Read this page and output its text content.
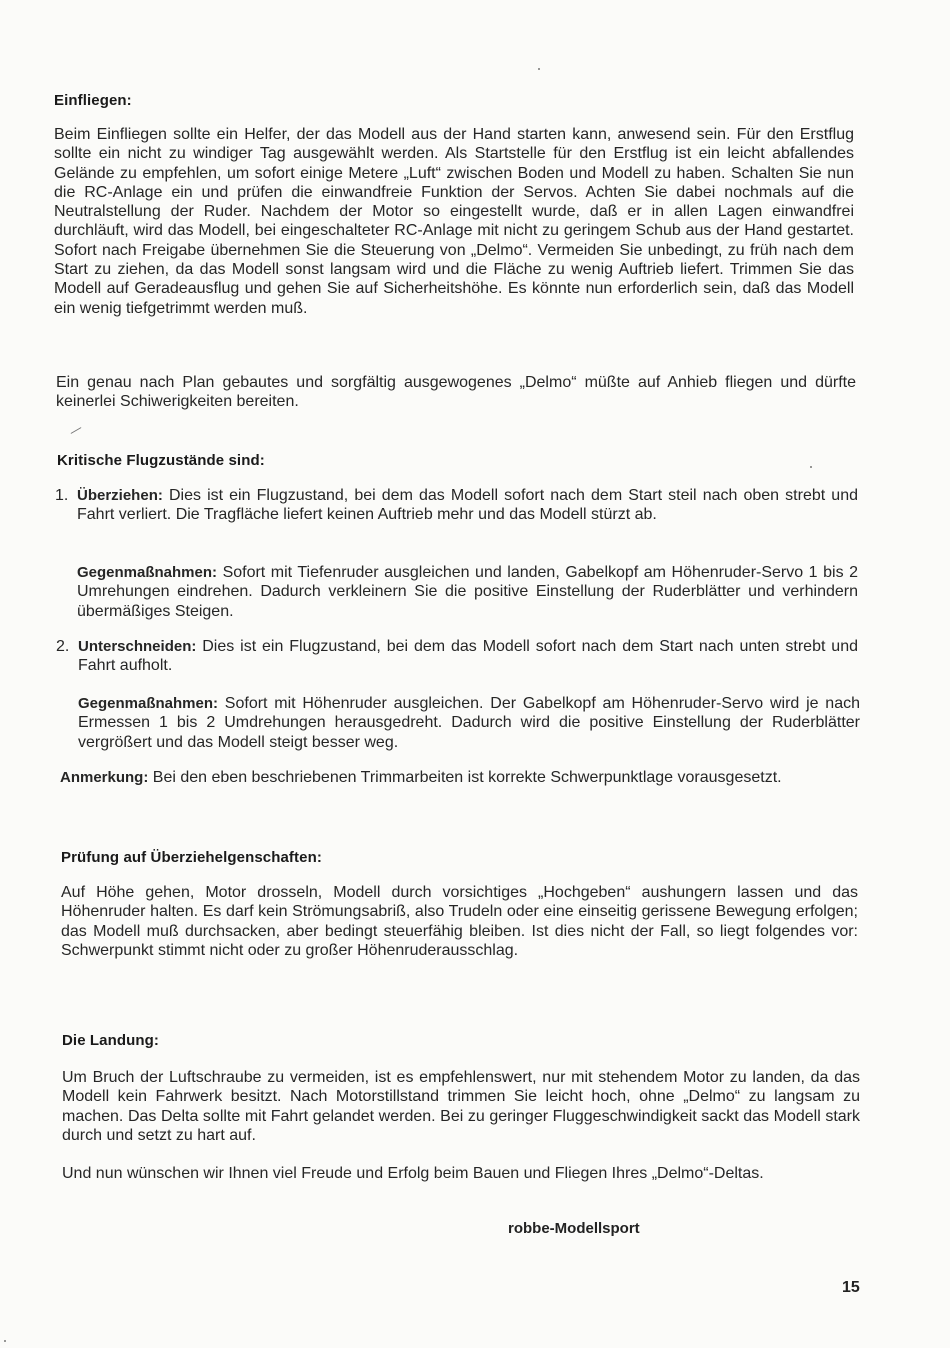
Einfliegen:

Beim Einfliegen sollte ein Helfer, der das Modell aus der Hand starten kann, anwesend sein. Für den Erstflug sollte ein nicht zu windiger Tag ausgewählt werden. Als Startstelle für den Erstflug ist ein leicht abfallendes Gelände zu empfehlen, um sofort einige Metere „Luft“ zwischen Boden und Modell zu haben. Schalten Sie nun die RC-Anlage ein und prüfen die einwandfreie Funktion der Servos. Achten Sie dabei nochmals auf die Neutralstellung der Ruder. Nachdem der Motor so eingestellt wurde, daß er in allen Lagen einwandfrei durchläuft, wird das Modell, bei eingeschalteter RC-Anlage mit nicht zu geringem Schub aus der Hand gestartet. Sofort nach Freigabe übernehmen Sie die Steuerung von „Delmo“. Vermeiden Sie unbedingt, zu früh nach dem Start zu ziehen, da das Modell sonst langsam wird und die Fläche zu wenig Auftrieb liefert. Trimmen Sie das Modell auf Geradeausflug und gehen Sie auf Sicherheitshöhe. Es könnte nun erforderlich sein, daß das Modell ein wenig tiefgetrimmt werden muß.

Ein genau nach Plan gebautes und sorgfältig ausgewogenes „Delmo“ müßte auf Anhieb fliegen und dürfte keinerlei Schiwerigkeiten bereiten.

Kritische Flugzustände sind:

1. Überziehen: Dies ist ein Flugzustand, bei dem das Modell sofort nach dem Start steil nach oben strebt und Fahrt verliert. Die Tragfläche liefert keinen Auftrieb mehr und das Modell stürzt ab.

Gegenmaßnahmen: Sofort mit Tiefenruder ausgleichen und landen, Gabelkopf am Höhenruder-Servo 1 bis 2 Umrehungen eindrehen. Dadurch verkleinern Sie die positive Einstellung der Ruderblätter und verhindern übermäßiges Steigen.

2. Unterschneiden: Dies ist ein Flugzustand, bei dem das Modell sofort nach dem Start nach unten strebt und Fahrt aufholt.

Gegenmaßnahmen: Sofort mit Höhenruder ausgleichen. Der Gabelkopf am Höhenruder-Servo wird je nach Ermessen 1 bis 2 Umdrehungen herausgedreht. Dadurch wird die positive Einstellung der Ruderblätter vergrößert und das Modell steigt besser weg.

Anmerkung: Bei den eben beschriebenen Trimmarbeiten ist korrekte Schwerpunktlage vorausgesetzt.

Prüfung auf Überziehelgenschaften:

Auf Höhe gehen, Motor drosseln, Modell durch vorsichtiges „Hochgeben“ aushungern lassen und das Höhenruder halten. Es darf kein Strömungsabriß, also Trudeln oder eine einseitig gerissene Bewegung erfolgen; das Modell muß durchsacken, aber bedingt steuerfähig bleiben. Ist dies nicht der Fall, so liegt folgendes vor: Schwerpunkt stimmt nicht oder zu großer Höhenruderausschlag.

Die Landung:

Um Bruch der Luftschraube zu vermeiden, ist es empfehlenswert, nur mit stehendem Motor zu landen, da das Modell kein Fahrwerk besitzt. Nach Motorstillstand trimmen Sie leicht hoch, ohne „Delmo“ zu langsam zu machen. Das Delta sollte mit Fahrt gelandet werden. Bei zu geringer Fluggeschwindigkeit sackt das Modell stark durch und setzt zu hart auf.

Und nun wünschen wir Ihnen viel Freude und Erfolg beim Bauen und Fliegen Ihres „Delmo“-Deltas.

robbe-Modellsport

15
